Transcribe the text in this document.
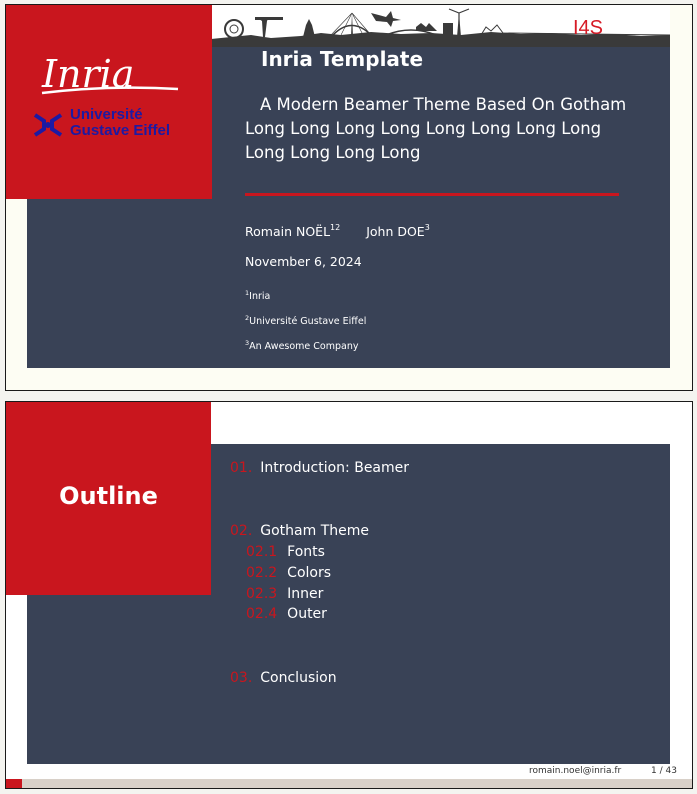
Inria
Université
Gustave Eiffel
I4S
Inria Template
A Modern Beamer Theme Based On Gotham Long Long Long Long Long Long Long Long Long Long Long Long
Romain NOËL$^{12}$ John DOE$^3$
November 6, 2024
$^1$Inria
$^2$Université Gustave Eiffel
$^3$An Awesome Company
Outline
01. Introduction: Beamer
02. Gotham Theme
02.1 Fonts
02.2 Colors
02.3 Inner
02.4 Outer
03. Conclusion
romain.noel@inria.fr	1 / 43
